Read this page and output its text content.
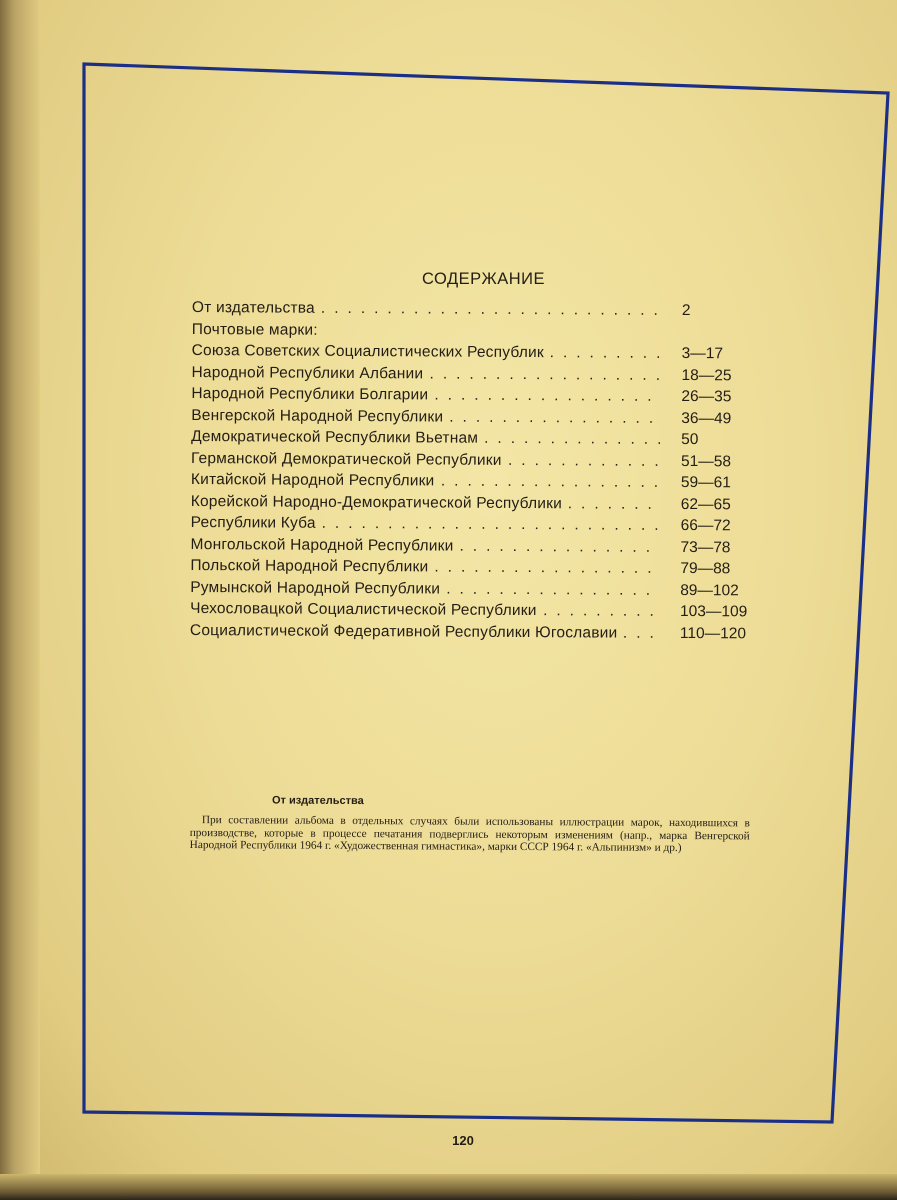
СОДЕРЖАНИЕ
От издательства .......................... 2
Почтовые марки:
Союза Советских Социалистических Республик ......... 3—17
Народной Республики Албании .................. 18—25
Народной Республики Болгарии ................. 26—35
Венгерской Народной Республики ................ 36—49
Демократической Республики Вьетнам .............. 50
Германской Демократической Республики ............ 51—58
Китайской Народной Республики ................. 59—61
Корейской Народно-Демократической Республики ....... 62—65
Республики Куба .......................... 66—72
Монгольской Народной Республики ............... 73—78
Польской Народной Республики ................. 79—88
Румынской Народной Республики ................ 89—102
Чехословацкой Социалистической Республики ......... 103—109
Социалистической Федеративной Республики Югославии ... 110—120
От издательства
При составлении альбома в отдельных случаях были использованы иллюстрации марок, находившихся в производстве, которые в процессе печатания подверглись некоторым изменениям (напр., марка Венгерской Народной Республики 1964 г. «Художественная гимнастика», марки СССР 1964 г. «Альпинизм» и др.)
120
